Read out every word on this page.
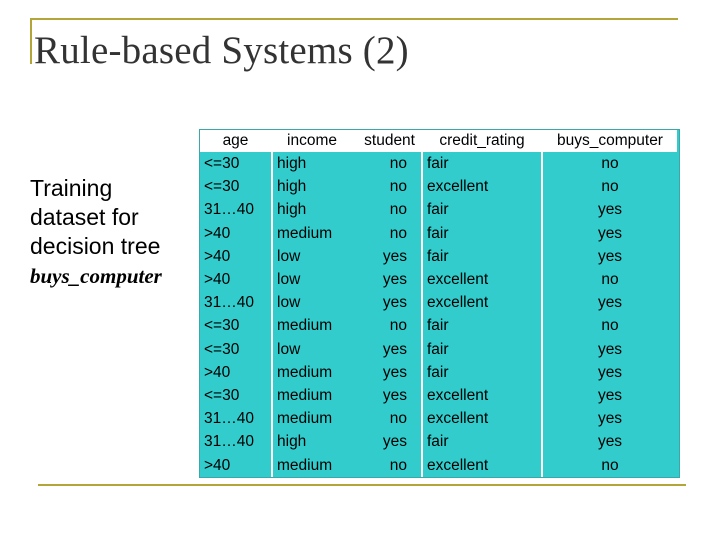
Rule-based Systems (2)
Training
dataset for
decision tree
buys_computer
age	income	student	credit_rating	buys_computer
<=30	high	no	fair	no
<=30	high	no	excellent	no
31…40	high	no	fair	yes
>40	medium	no	fair	yes
>40	low	yes	fair	yes
>40	low	yes	excellent	no
31…40	low	yes	excellent	yes
<=30	medium	no	fair	no
<=30	low	yes	fair	yes
>40	medium	yes	fair	yes
<=30	medium	yes	excellent	yes
31…40	medium	no	excellent	yes
31…40	high	yes	fair	yes
>40	medium	no	excellent	no
